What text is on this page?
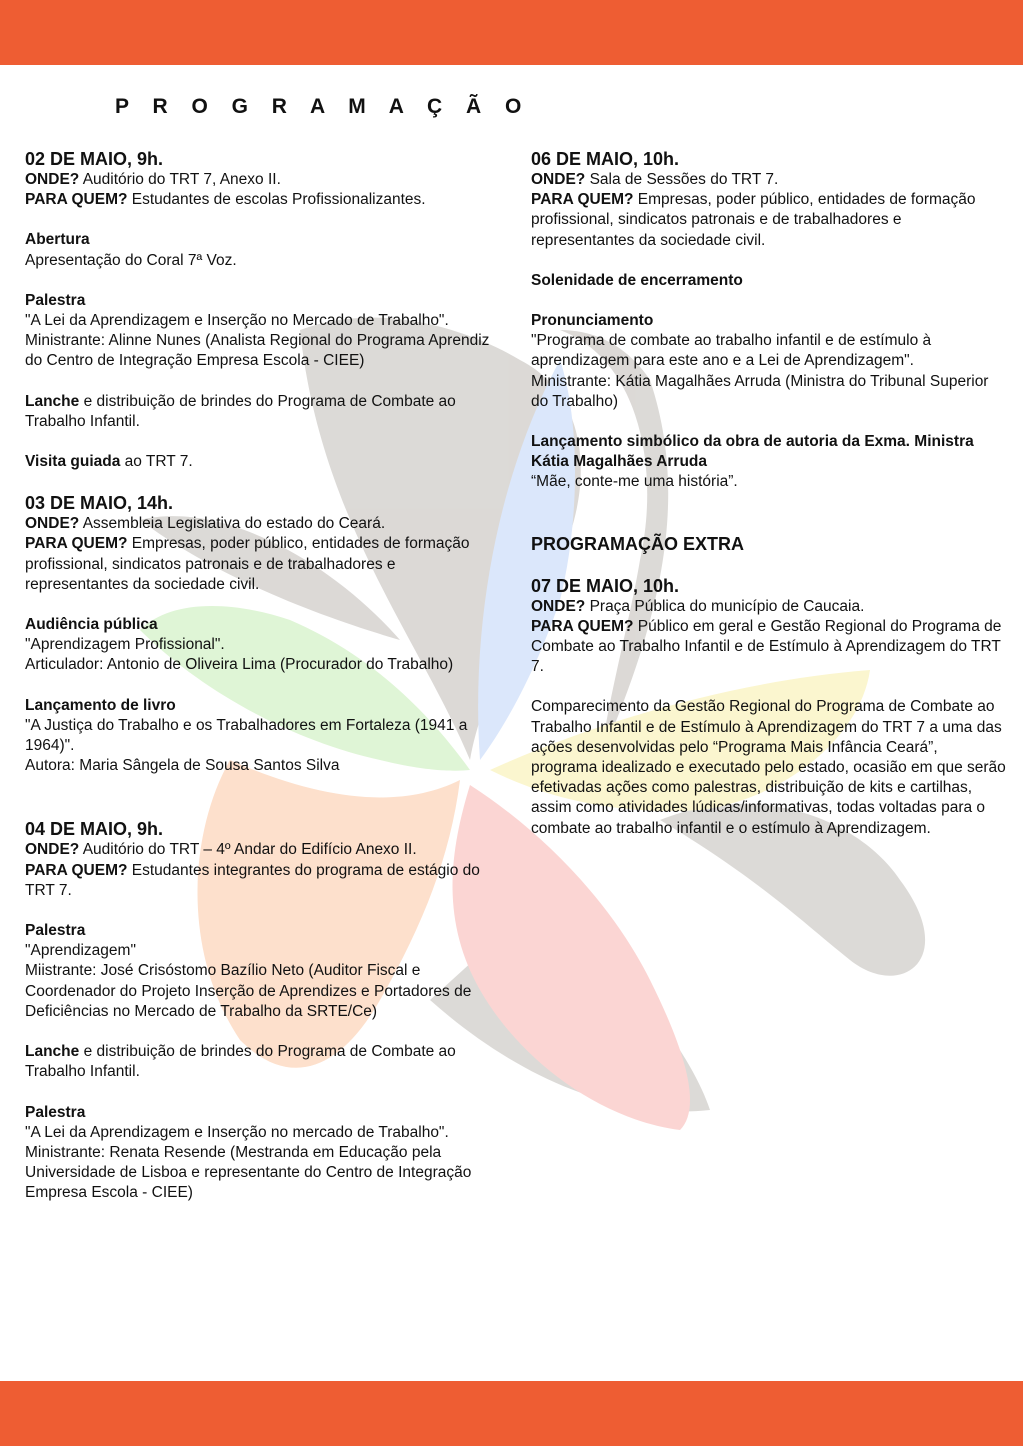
P R O G R A M A Ç Ã O

02 DE MAIO, 9h.

ONDE? Auditório do TRT 7, Anexo II.

PARA QUEM? Estudantes de escolas Profissionalizantes.

Abertura

Apresentação do Coral 7ª Voz.

Palestra

"A Lei da Aprendizagem e Inserção no Mercado de Trabalho".

Ministrante: Alinne Nunes (Analista Regional do Programa Aprendiz do Centro de Integração Empresa Escola - CIEE)

Lanche e distribuição de brindes do Programa de Combate ao Trabalho Infantil.

Visita guiada ao TRT 7.

03 DE MAIO, 14h.

ONDE? Assembleia Legislativa do estado do Ceará.

PARA QUEM? Empresas, poder público, entidades de formação profissional, sindicatos patronais e de trabalhadores e representantes da sociedade civil.

Audiência pública

"Aprendizagem Profissional".

Articulador: Antonio de Oliveira Lima (Procurador do Trabalho)

Lançamento de livro

"A Justiça do Trabalho e os Trabalhadores em Fortaleza (1941 a 1964)".

Autora: Maria Sângela de Sousa Santos Silva

04 DE MAIO, 9h.

ONDE? Auditório do TRT – 4º Andar do Edifício Anexo II.

PARA QUEM? Estudantes integrantes do programa de estágio do TRT 7.

Palestra

"Aprendizagem"

Miistrante: José Crisóstomo Bazílio Neto (Auditor Fiscal e Coordenador do Projeto Inserção de Aprendizes e Portadores de Deficiências no Mercado de Trabalho da SRTE/Ce)

Lanche e distribuição de brindes do Programa de Combate ao Trabalho Infantil.

Palestra

"A Lei da Aprendizagem e Inserção no mercado de Trabalho".

Ministrante: Renata Resende (Mestranda em Educação pela Universidade de Lisboa e representante do Centro de Integração Empresa Escola - CIEE)

06 DE MAIO, 10h.

ONDE? Sala de Sessões do TRT 7.

PARA QUEM? Empresas, poder público, entidades de formação profissional, sindicatos patronais e de trabalhadores e representantes da sociedade civil.

Solenidade de encerramento

Pronunciamento

"Programa de combate ao trabalho infantil e de estímulo à aprendizagem para este ano e a Lei de Aprendizagem".

Ministrante: Kátia Magalhães Arruda (Ministra do Tribunal Superior do Trabalho)

Lançamento simbólico da obra de autoria da Exma. Ministra Kátia Magalhães Arruda

“Mãe, conte-me uma história”.

PROGRAMAÇÃO EXTRA

07 DE MAIO, 10h.

ONDE? Praça Pública do município de Caucaia.

PARA QUEM? Público em geral e Gestão Regional do Programa de Combate ao Trabalho Infantil e de Estímulo à Aprendizagem do TRT 7.

Comparecimento da Gestão Regional do Programa de Combate ao Trabalho Infantil e de Estímulo à Aprendizagem do TRT 7 a uma das ações desenvolvidas pelo “Programa Mais Infância Ceará”, programa idealizado e executado pelo estado, ocasião em que serão efetivadas ações como palestras, distribuição de kits e cartilhas, assim como atividades lúdicas/informativas, todas voltadas para o combate ao trabalho infantil e o estímulo à Aprendizagem.
